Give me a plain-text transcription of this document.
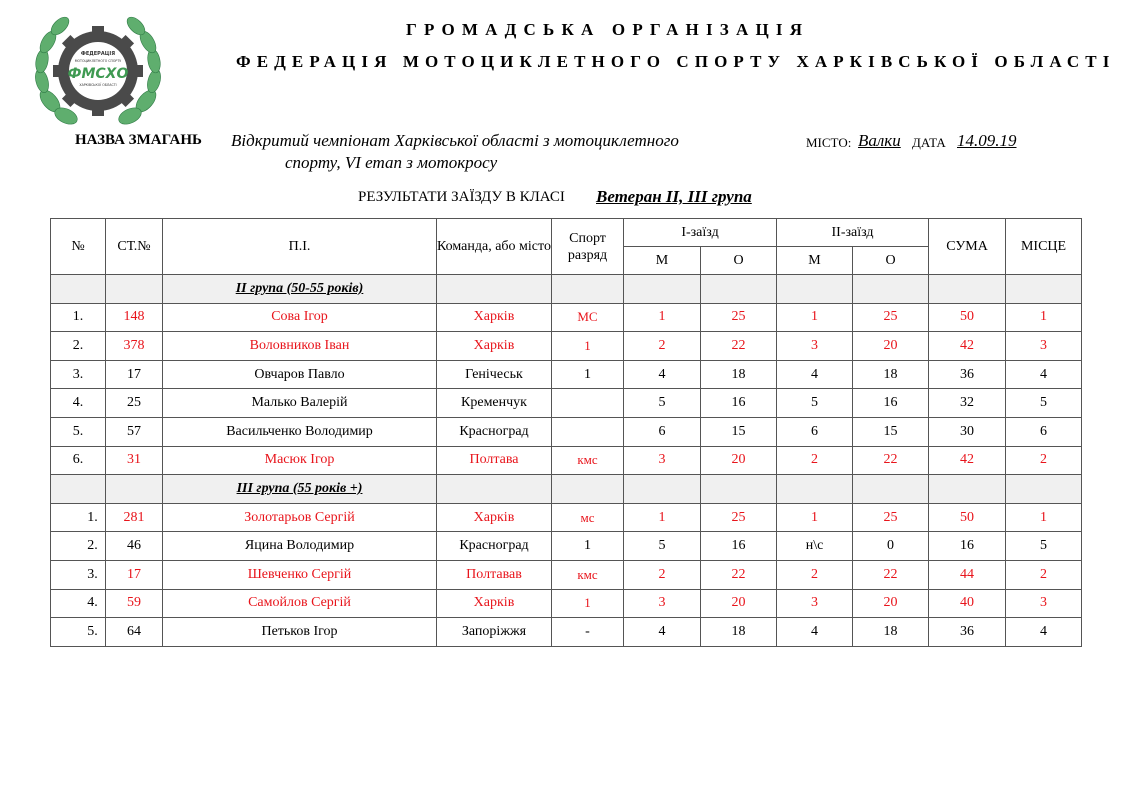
ФЕДЕРАЦІЯ
МОТОЦИКЛЕТНОГО СПОРТУ
ФМСХО
ХАРКІВСЬКОЇ ОБЛАСТІ
ГРОМАДСЬКА ОРГАНІЗАЦІЯ
ФЕДЕРАЦІЯ МОТОЦИКЛЕТНОГО СПОРТУ ХАРКІВСЬКОЇ ОБЛАСТІ
НАЗВА ЗМАГАНЬ Відкритий чемпіонат Харківської області з мотоциклетного
спорту, VI етап з мотокросу
МІСТО: Валки ДАТА 14.09.19
РЕЗУЛЬТАТИ ЗАЇЗДУ В КЛАСІ Ветеран II, III група
№	СТ.№	П.І.	Команда, або місто	Спорт разряд	І-заїзд		ІІ-заїзд		СУМА	МІСЦЕ
					М	О	М	О		
		II група (50-55 років)								
1.	148	Сова Ігор	Харків	МС	1	25	1	25	50	1
2.	378	Воловников Іван	Харків	1	2	22	3	20	42	3
3.	17	Овчаров Павло	Генічеськ	1	4	18	4	18	36	4
4.	25	Малько Валерій	Кременчук		5	16	5	16	32	5
5.	57	Васильченко Володимир	Красноград		6	15	6	15	30	6
6.	31	Масюк Ігор	Полтава	кмс	3	20	2	22	42	2
		III група (55 років +)								
1.	281	Золотарьов Сергій	Харків	мс	1	25	1	25	50	1
2.	46	Яцина Володимир	Красноград	1	5	16	н\с	0	16	5
3.	17	Шевченко Сергій	Полтавав	кмс	2	22	2	22	44	2
4.	59	Самойлов Сергій	Харків	1	3	20	3	20	40	3
5.	64	Петьков Ігор	Запоріжжя	-	4	18	4	18	36	4
